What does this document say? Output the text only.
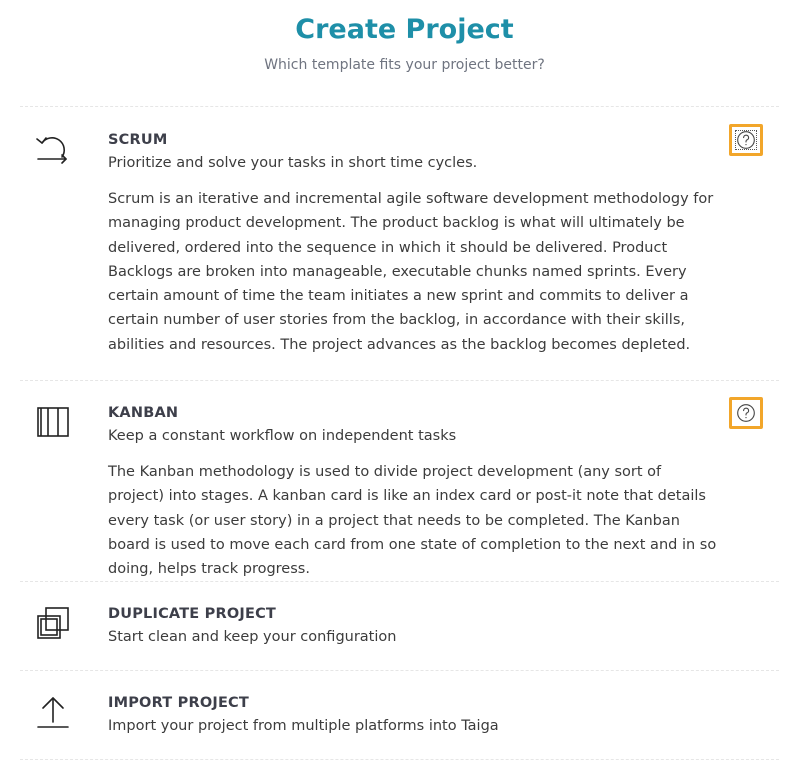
Create Project
Which template fits your project better?
SCRUM
Prioritize and solve your tasks in short time cycles.
Scrum is an iterative and incremental agile software development methodology for managing product development. The product backlog is what will ultimately be delivered, ordered into the sequence in which it should be delivered. Product Backlogs are broken into manageable, executable chunks named sprints. Every certain amount of time the team initiates a new sprint and commits to deliver a certain number of user stories from the backlog, in accordance with their skills, abilities and resources. The project advances as the backlog becomes depleted.
KANBAN
Keep a constant workflow on independent tasks
The Kanban methodology is used to divide project development (any sort of project) into stages. A kanban card is like an index card or post-it note that details every task (or user story) in a project that needs to be completed. The Kanban board is used to move each card from one state of completion to the next and in so doing, helps track progress.
DUPLICATE PROJECT
Start clean and keep your configuration
IMPORT PROJECT
Import your project from multiple platforms into Taiga
